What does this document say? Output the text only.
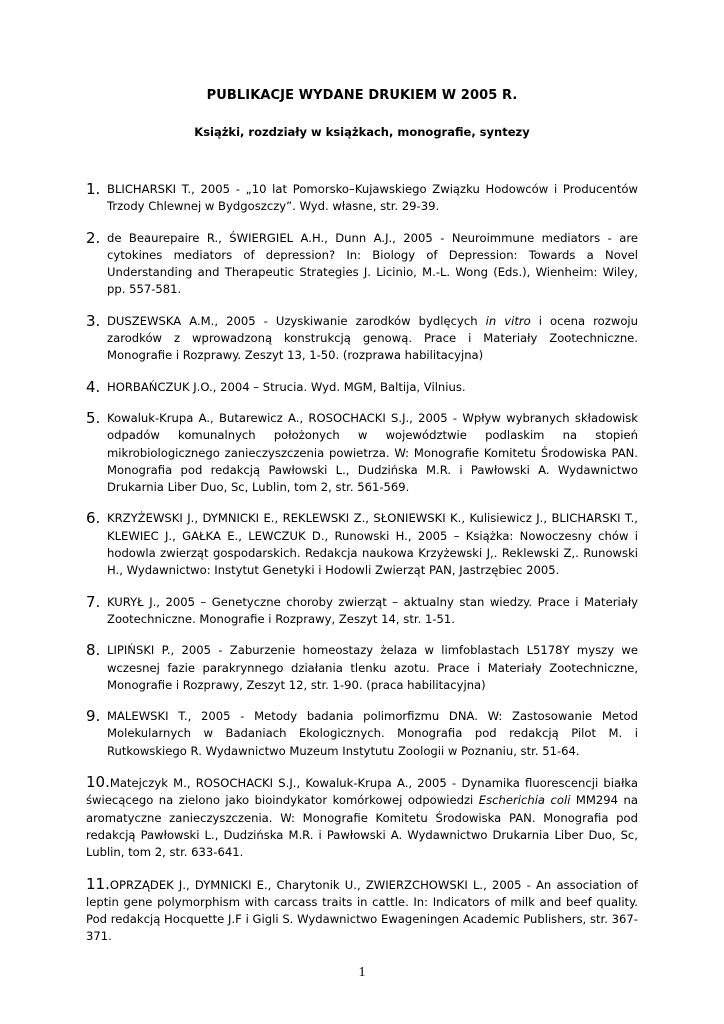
PUBLIKACJE WYDANE DRUKIEM W 2005 R.
Książki, rozdziały w książkach, monografie, syntezy
1. BLICHARSKI T., 2005 - „10 lat Pomorsko–Kujawskiego Związku Hodowców i Producentów Trzody Chlewnej w Bydgoszczy”. Wyd. własne, str. 29-39.
2. de Beaurepaire R., ŚWIERGIEL A.H., Dunn A.J., 2005 - Neuroimmune mediators - are cytokines mediators of depression? In: Biology of Depression: Towards a Novel Understanding and Therapeutic Strategies J. Licinio, M.-L. Wong (Eds.), Wienheim: Wiley, pp. 557-581.
3. DUSZEWSKA A.M., 2005 - Uzyskiwanie zarodków bydlęcych in vitro i ocena rozwoju zarodków z wprowadzoną konstrukcją genową. Prace i Materiały Zootechniczne. Monografie i Rozprawy. Zeszyt 13, 1-50. (rozprawa habilitacyjna)
4. HORBAŃCZUK J.O., 2004 – Strucia. Wyd. MGM, Baltija, Vilnius.
5. Kowaluk-Krupa A., Butarewicz A., ROSOCHACKI S.J., 2005 - Wpływ wybranych składowisk odpadów komunalnych położonych w województwie podlaskim na stopień mikrobiologicznego zanieczyszczenia powietrza. W: Monografie Komitetu Środowiska PAN. Monografia pod redakcją Pawłowski L., Dudzińska M.R. i Pawłowski A. Wydawnictwo Drukarnia Liber Duo, Sc, Lublin, tom 2, str. 561-569.
6. KRZYŻEWSKI J., DYMNICKI E., REKLEWSKI Z., SŁONIEWSKI K., Kulisiewicz J., BLICHARSKI T., KLEWIEC J., GAŁKA E., LEWCZUK D., Runowski H., 2005 – Książka: Nowoczesny chów i hodowla zwierząt gospodarskich. Redakcja naukowa Krzyżewski J,. Reklewski Z,. Runowski H., Wydawnictwo: Instytut Genetyki i Hodowli Zwierząt PAN, Jastrzębiec 2005.
7. KURYŁ J., 2005 – Genetyczne choroby zwierząt – aktualny stan wiedzy. Prace i Materiały Zootechniczne. Monografie i Rozprawy, Zeszyt 14, str. 1-51.
8. LIPIŃSKI P., 2005 - Zaburzenie homeostazy żelaza w limfoblastach L5178Y myszy we wczesnej fazie parakrynnego działania tlenku azotu. Prace i Materiały Zootechniczne, Monografie i Rozprawy, Zeszyt 12, str. 1-90. (praca habilitacyjna)
9. MALEWSKI T., 2005 - Metody badania polimorfizmu DNA. W: Zastosowanie Metod Molekularnych w Badaniach Ekologicznych. Monografia pod redakcją Pilot M. i Rutkowskiego R. Wydawnictwo Muzeum Instytutu Zoologii w Poznaniu, str. 51-64.
10.Matejczyk M., ROSOCHACKI S.J., Kowaluk-Krupa A., 2005 - Dynamika fluorescencji białka świecącego na zielono jako bioindykator komórkowej odpowiedzi Escherichia coli MM294 na aromatyczne zanieczyszczenia. W: Monografie Komitetu Środowiska PAN. Monografia pod redakcją Pawłowski L., Dudzińska M.R. i Pawłowski A. Wydawnictwo Drukarnia Liber Duo, Sc, Lublin, tom 2, str. 633-641.
11.OPRZĄDEK J., DYMNICKI E., Charytonik U., ZWIERZCHOWSKI L., 2005 - An association of leptin gene polymorphism with carcass traits in cattle. In: Indicators of milk and beef quality. Pod redakcją Hocquette J.F i Gigli S. Wydawnictwo Ewageningen Academic Publishers, str. 367-371.

1
